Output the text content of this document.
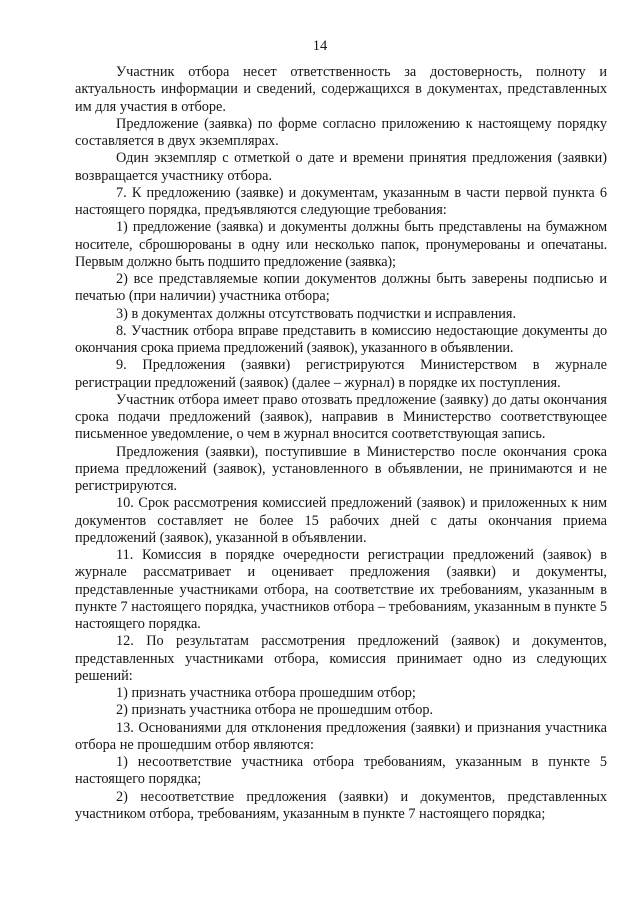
14

Участник отбора несет ответственность за достоверность, полноту и актуальность информации и сведений, содержащихся в документах, представленных им для участия в отборе.

Предложение (заявка) по форме согласно приложению к настоящему порядку составляется в двух экземплярах.

Один экземпляр с отметкой о дате и времени принятия предложения (заявки) возвращается участнику отбора.

7. К предложению (заявке) и документам, указанным в части первой пункта 6 настоящего порядка, предъявляются следующие требования:

1) предложение (заявка) и документы должны быть представлены на бумажном носителе, сброшюрованы в одну или несколько папок, пронумерованы и опечатаны. Первым должно быть подшито предложение (заявка);

2) все представляемые копии документов должны быть заверены подписью и печатью (при наличии) участника отбора;

3) в документах должны отсутствовать подчистки и исправления.

8. Участник отбора вправе представить в комиссию недостающие документы до окончания срока приема предложений (заявок), указанного в объявлении.

9. Предложения (заявки) регистрируются Министерством в журнале регистрации предложений (заявок) (далее – журнал) в порядке их поступления.

Участник отбора имеет право отозвать предложение (заявку) до даты окончания срока подачи предложений (заявок), направив в Министерство соответствующее письменное уведомление, о чем в журнал вносится соответствующая запись.

Предложения (заявки), поступившие в Министерство после окончания срока приема предложений (заявок), установленного в объявлении, не принимаются и не регистрируются.

10. Срок рассмотрения комиссией предложений (заявок) и приложенных к ним документов составляет не более 15 рабочих дней с даты окончания приема предложений (заявок), указанной в объявлении.

11. Комиссия в порядке очередности регистрации предложений (заявок) в журнале рассматривает и оценивает предложения (заявки) и документы, представленные участниками отбора, на соответствие их требованиям, указанным в пункте 7 настоящего порядка, участников отбора – требованиям, указанным в пункте 5 настоящего порядка.

12. По результатам рассмотрения предложений (заявок) и документов, представленных участниками отбора, комиссия принимает одно из следующих решений:

1) признать участника отбора прошедшим отбор;

2) признать участника отбора не прошедшим отбор.

13. Основаниями для отклонения предложения (заявки) и признания участника отбора не прошедшим отбор являются:

1) несоответствие участника отбора требованиям, указанным в пункте 5 настоящего порядка;

2) несоответствие предложения (заявки) и документов, представленных участником отбора, требованиям, указанным в пункте 7 настоящего порядка;
